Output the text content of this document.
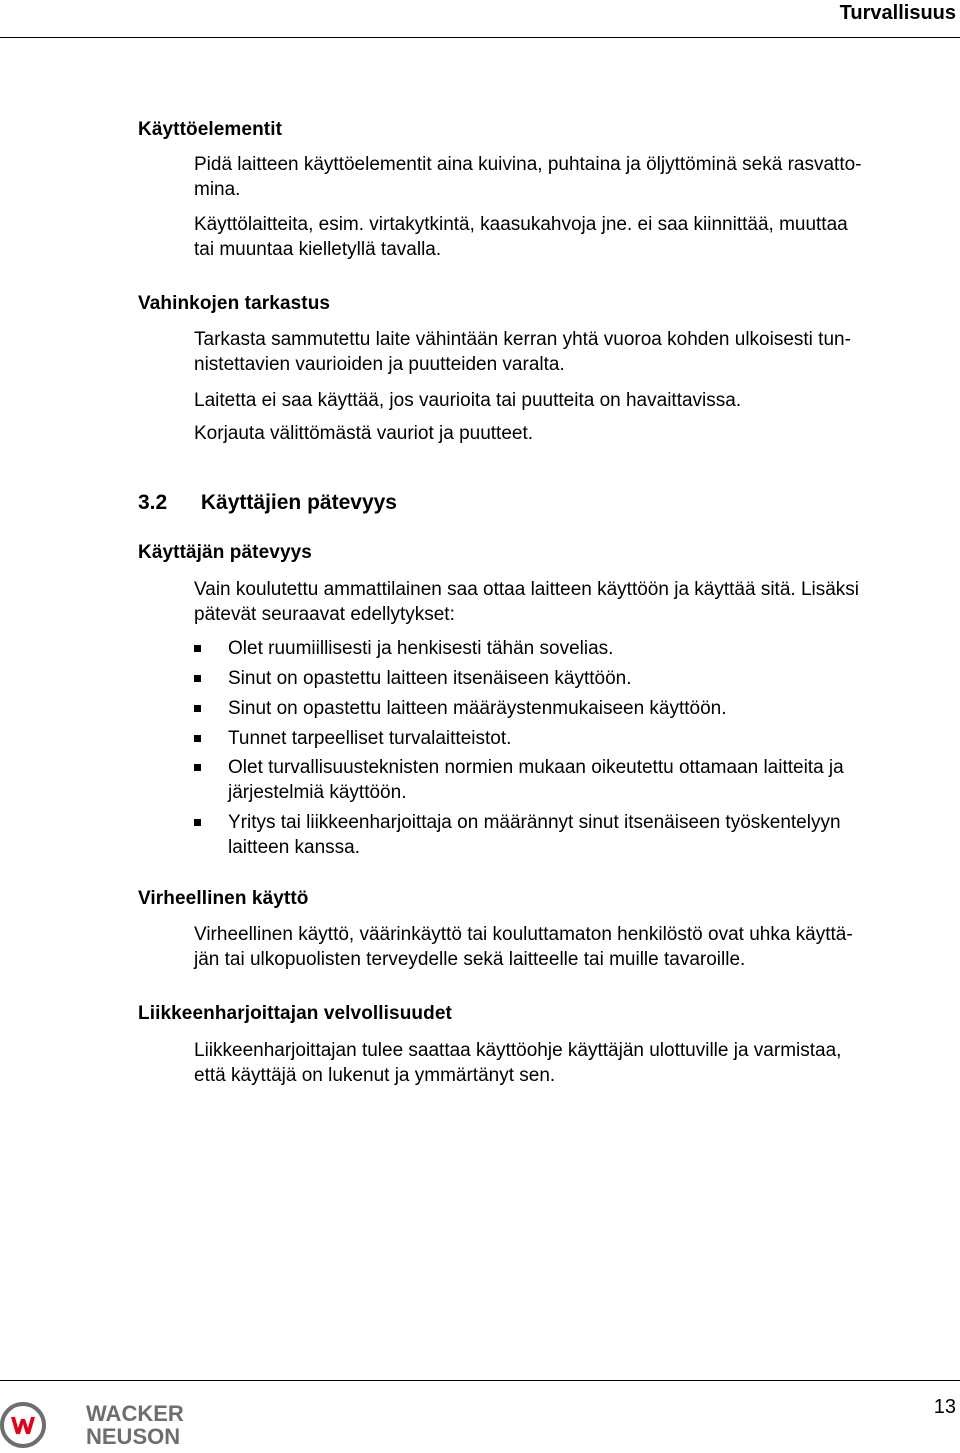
Turvallisuus
Käyttöelementit
Pidä laitteen käyttöelementit aina kuivina, puhtaina ja öljyttöminä sekä rasvatto-
mina.
Käyttölaitteita, esim. virtakytkintä, kaasukahvoja jne. ei saa kiinnittää, muuttaa
tai muuntaa kielletyllä tavalla.
Vahinkojen tarkastus
Tarkasta sammutettu laite vähintään kerran yhtä vuoroa kohden ulkoisesti tun-
nistettavien vaurioiden ja puutteiden varalta.
Laitetta ei saa käyttää, jos vaurioita tai puutteita on havaittavissa.
Korjauta välittömästä vauriot ja puutteet.
3.2 Käyttäjien pätevyys
Käyttäjän pätevyys
Vain koulutettu ammattilainen saa ottaa laitteen käyttöön ja käyttää sitä. Lisäksi
pätevät seuraavat edellytykset:
Olet ruumiillisesti ja henkisesti tähän sovelias.
Sinut on opastettu laitteen itsenäiseen käyttöön.
Sinut on opastettu laitteen määräystenmukaiseen käyttöön.
Tunnet tarpeelliset turvalaitteistot.
Olet turvallisuusteknisten normien mukaan oikeutettu ottamaan laitteita ja
järjestelmiä käyttöön.
Yritys tai liikkeenharjoittaja on määrännyt sinut itsenäiseen työskentelyyn
laitteen kanssa.
Virheellinen käyttö
Virheellinen käyttö, väärinkäyttö tai kouluttamaton henkilöstö ovat uhka käyttä-
jän tai ulkopuolisten terveydelle sekä laitteelle tai muille tavaroille.
Liikkeenharjoittajan velvollisuudet
Liikkeenharjoittajan tulee saattaa käyttöohje käyttäjän ulottuville ja varmistaa,
että käyttäjä on lukenut ja ymmärtänyt sen.
WACKER
NEUSON
13
